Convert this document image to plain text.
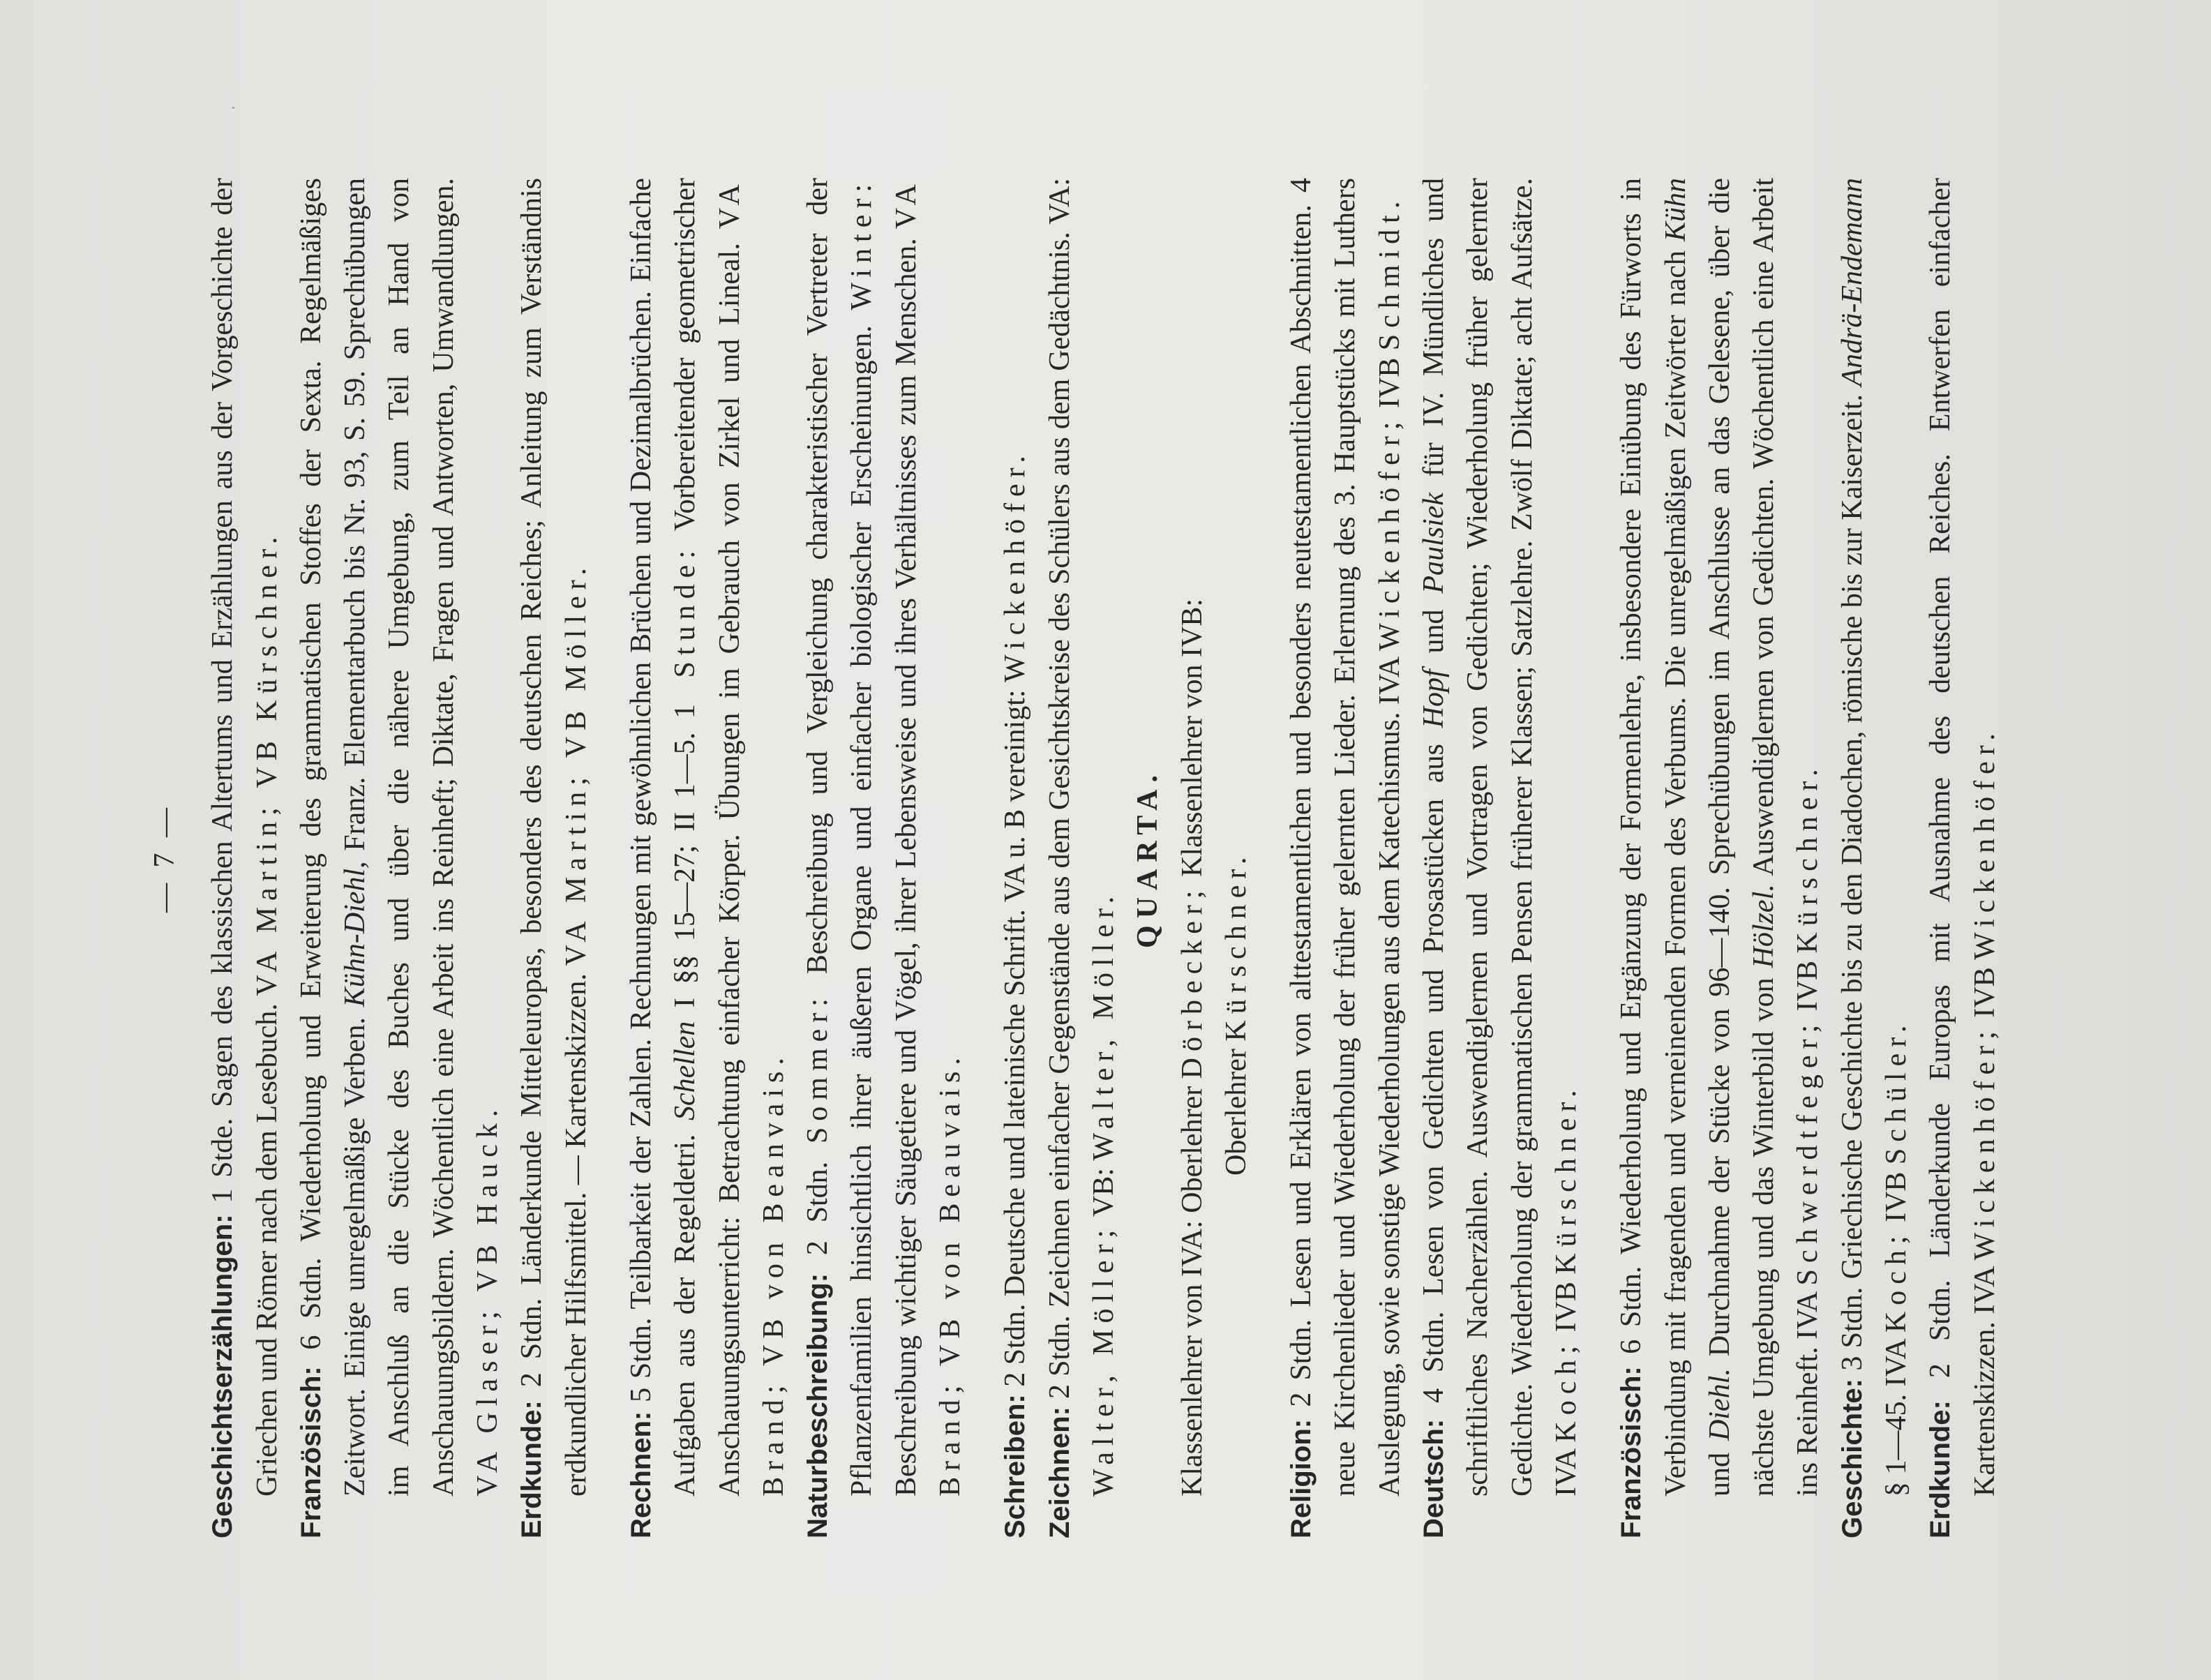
·
— 7 —
Geschichtserzählungen: 1 Stde. Sagen des klassischen Altertums und Erzählungen aus der Vorgeschichte der Griechen und Römer nach dem Lesebuch. VA Martin; VB Kürschner.
Französisch: 6 Stdn. Wiederholung und Erweiterung des grammatischen Stoffes der Sexta. Regelmäßiges Zeitwort. Einige unregelmäßige Verben. Kühn-Diehl, Franz. Elementarbuch bis Nr. 93, S. 59. Sprechübungen im Anschluß an die Stücke des Buches und über die nähere Umgebung, zum Teil an Hand von Anschauungsbildern. Wöchentlich eine Arbeit ins Reinheft; Diktate, Fragen und Antworten, Umwandlungen. VA Glaser; VB Hauck. Erdkunde: 2 Stdn. Länderkunde Mitteleuropas, besonders des deutschen Reiches; Anleitung zum Verständnis erdkundlicher Hilfsmittel. — Kartenskizzen. VA Martin; VB Möller.
Rechnen: 5 Stdn. Teilbarkeit der Zahlen. Rechnungen mit gewöhnlichen Brüchen und Dezimalbrüchen. Einfache Aufgaben aus der Regeldetri. Schellen I §§ 15—27; II 1—5. 1 Stunde: Vorbereitender geometrischer Anschauungsunterricht: Betrachtung einfacher Körper. Übungen im Gebrauch von Zirkel und Lineal. VA Brand; VB von Beanvais. Naturbeschreibung: 2 Stdn. Sommer: Beschreibung und Vergleichung charakteristischer Vertreter der Pflanzenfamilien hinsichtlich ihrer äußeren Organe und einfacher biologischer Erscheinungen. Winter: Beschreibung wichtiger Säugetiere und Vögel, ihrer Lebensweise und ihres Verhältnisses zum Menschen. VA Brand; VB von Beauvais. Schreiben: 2 Stdn. Deutsche und lateinische Schrift. VA u. B vereinigt: Wickenhöfer.
Zeichnen: 2 Stdn. Zeichnen einfacher Gegenstände aus dem Gesichtskreise des Schülers aus dem Gedächtnis. VA: Walter, Möller; VB: Walter, Möller.
QUARTA.
Klassenlehrer von IVA: Oberlehrer Dörbecker; Klassenlehrer von IVB:
Oberlehrer Kürschner.
Religion: 2 Stdn. Lesen und Erklären von alttestamentlichen und besonders neutestamentlichen Abschnitten. 4 neue Kirchenlieder und Wiederholung der früher gelernten Lieder. Erlernung des 3. Hauptstücks mit Luthers Auslegung, sowie sonstige Wiederholungen aus dem Katechismus. IVA Wickenhöfer; IVB Schmidt.
Deutsch: 4 Stdn. Lesen von Gedichten und Prosastücken aus Hopf und Paulsiek für IV. Mündliches und schriftliches Nacherzählen. Auswendiglernen und Vortragen von Gedichten; Wiederholung früher gelernter Gedichte. Wiederholung der grammatischen Pensen früherer Klassen; Satzlehre. Zwölf Diktate; acht Aufsätze. IVA Koch; IVB Kürschner.
Französisch: 6 Stdn. Wiederholung und Ergänzung der Formenlehre, insbesondere Einübung des Fürworts in Verbindung mit fragenden und verneinenden Formen des Verbums. Die unregelmäßigen Zeitwörter nach Kühn und Diehl. Durchnahme der Stücke von 96—140. Sprechübungen im Anschlusse an das Gelesene, über die nächste Umgebung und das Winterbild von Hölzel. Auswendiglernen von Gedichten. Wöchentlich eine Arbeit ins Reinheft. IVA Schwerdtfeger; IVB Kürschner.
Geschichte: 3 Stdn. Griechische Geschichte bis zu den Diadochen, römische bis zur Kaiserzeit. Andrä-Endemann § 1—45. IVA Koch; IVB Schüler.
Erdkunde: 2 Stdn. Länderkunde Europas mit Ausnahme des deutschen Reiches. Entwerfen einfacher Kartenskizzen. IVA Wickenhöfer; IVB Wickenhöfer.
